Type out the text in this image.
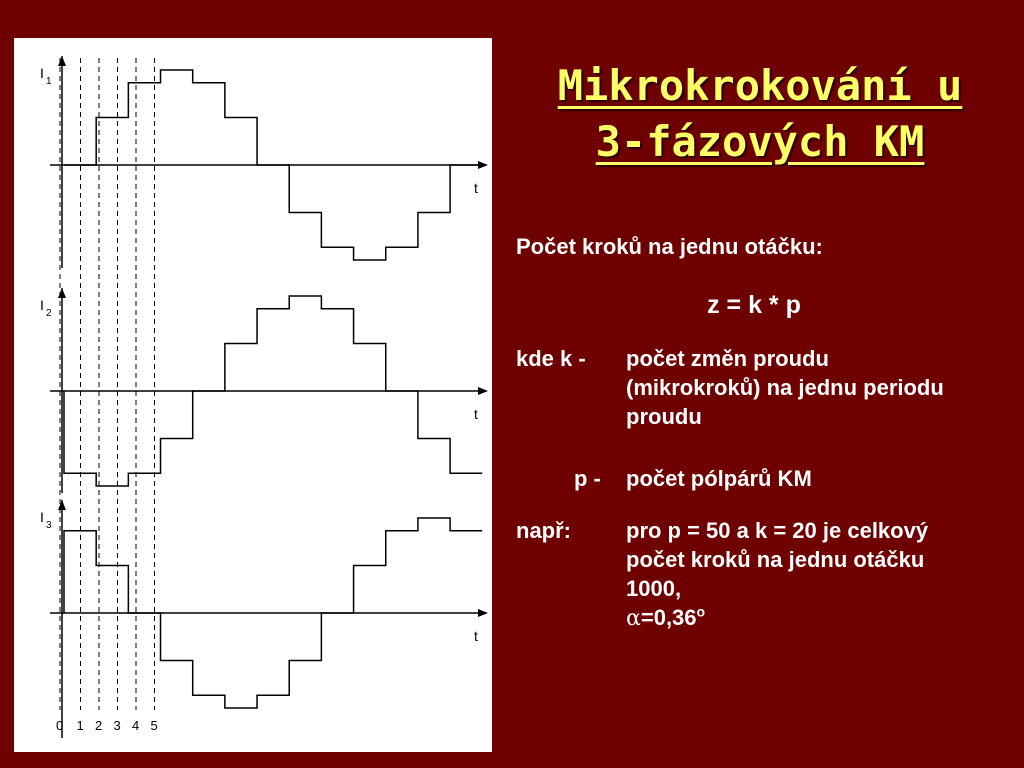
I
1
t
I
2
t
I
3
t
0 1 2 3 4 5
Mikrokrokování u
3-fázových KM
Počet kroků na jednu otáčku:
z = k * p
kde k - počet změn proudu (mikrokroků) na jednu periodu proudu
p - počet pólpárů KM
např:	pro p = 50 a k = 20 je celkový počet kroků na jednu otáčku 1000,
$\alpha=0,36^o$
